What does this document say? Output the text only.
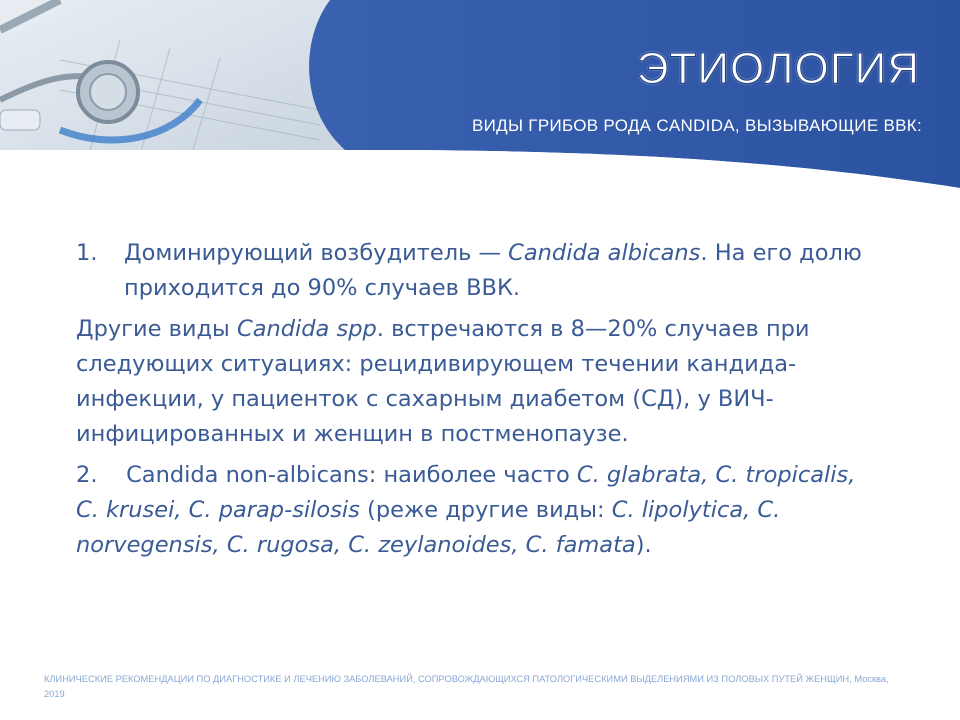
ЭТИОЛОГИЯ
ВИДЫ ГРИБОВ РОДА CANDIDA, ВЫЗЫВАЮЩИЕ ВВК:
1.	Доминирующий возбудитель — Candida albicans. На его долю приходится до 90% случаев ВВК.

Другие виды Candida spp. встречаются в 8—20% случаев при следующих ситуациях: рецидивирующем течении кандида-инфекции, у пациенток с сахарным диабетом (СД), у ВИЧ-инфицированных и женщин в постменопаузе.

2. Candida non-albicans: наиболее часто C. glabrata, C. tropicalis, C. krusei, C. parap-silosis (реже другие виды: C. lipolytica, C. norvegensis, C. rugosa, C. zeylanoides, C. famata).

КЛИНИЧЕСКИЕ РЕКОМЕНДАЦИИ ПО ДИАГНОСТИКЕ И ЛЕЧЕНИЮ ЗАБОЛЕВАНИЙ, СОПРОВОЖДАЮЩИХСЯ ПАТОЛОГИЧЕСКИМИ ВЫДЕЛЕНИЯМИ ИЗ ПОЛОВЫХ ПУТЕЙ ЖЕНЩИН, Москва, 2019
